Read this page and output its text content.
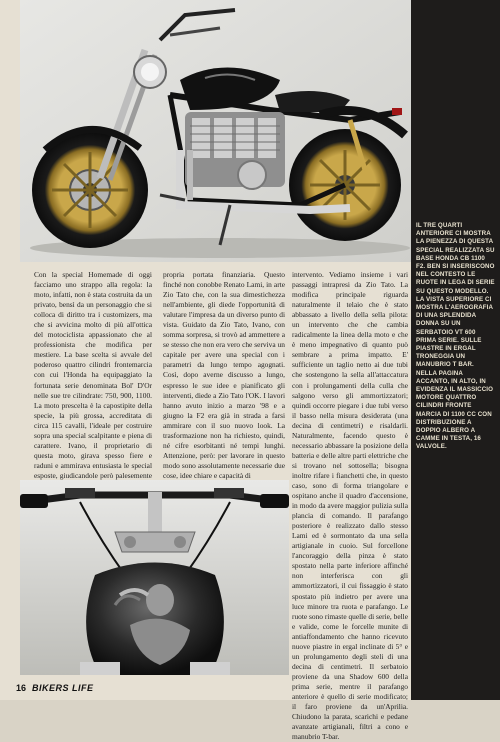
IL TRE QUARTI ANTERIORE CI MOSTRA LA PIENEZZA DI QUESTA SPECIAL REALIZZATA SU BASE HONDA CB 1100 F2. BEN SI INSERISCONO NEL CONTESTO LE RUOTE IN LEGA DI SERIE SU QUESTO MODELLO. LA VISTA SUPERIORE CI MOSTRA L'AEROGRAFIA DI UNA SPLENDIDA DONNA SU UN SERBATOIO VT 600 PRIMA SERIE. SULLE PIASTRE IN ERGAL TRONEGGIA UN MANUBRIO T BAR. NELLA PAGINA ACCANTO, IN ALTO, IN EVIDENZA IL MASSICCIO MOTORE QUATTRO CILINDRI FRONTE MARCIA DI 1100 CC CON DISTRIBUZIONE A DOPPIO ALBERO A CAMME IN TESTA, 16 VALVOLE.
Con la special Homemade di oggi facciamo uno strappo alla regola: la moto, infatti, non è stata costruita da un privato, bensì da un personaggio che si colloca di diritto tra i customizers, ma che si avvicina molto di più all'ottica del motociclista appassionato che al professionista che modifica per mestiere. La base scelta si avvale del poderoso quattro cilindri frontemarcia con cui l'Honda ha equipaggiato la fortunata serie denominata Bol' D'Or nelle sue tre cilindrate: 750, 900, 1100. La moto prescelta è la capostipite della specie, la più grossa, accreditata di circa 115 cavalli, l'ideale per costruire sopra una special scalpitante e piena di carattere. Ivano, il proprietario di questa moto, girava spesso fiere e raduni e ammirava entusiasta le special esposte, giudicandole però palesemente
propria portata finanziaria. Questo finché non conobbe Renato Lami, in arte Zio Tato che, con la sua dimestichezza nell'ambiente, gli diede l'opportunità di valutare l'impresa da un diverso punto di vista. Guidato da Zio Tato, Ivano, con somma sorpresa, si trovò ad ammettere a se stesso che non era vero che serviva un capitale per avere una special con i parametri da lungo tempo agognati. Così, dopo averne discusso a lungo, espresso le sue idee e pianificato gli interventi, diede a Zio Tato l'OK. I lavori hanno avuto inizio a marzo '98 e a giugno la F2 era già in strada a farsi ammirare con il suo nuovo look. La trasformazione non ha richiesto, quindi, né cifre esorbitanti né tempi lunghi. Attenzione, però: per lavorare in questo modo sono assolutamente necessarie due cose, idee chiare e capacità di
intervento. Vediamo insieme i vari passaggi intrapresi da Zio Tato. La modifica principale riguarda naturalmente il telaio che è stato abbassato a livello della sella pilota: un intervento che che cambia radicalmente la linea della moto e che è meno impegnativo di quanto può sembrare a prima impatto. E' sufficiente un taglio netto ai due tubi che sostengono la sella all'attaccatura con i prolungamenti della culla che salgono verso gli ammortizzatori; quindi occorre piegare i due tubi verso il basso nella misura desiderata (una decina di centimetri) e risaldarli. Naturalmente, facendo questo è necessario abbassare la posizione della batteria e delle altre parti elettriche che si trovano nel sottosella; bisogna inoltre rifare i fianchetti che, in questo caso, sono di forma triangolare e ospitano anche il quadro d'accensione, in modo da avere maggior pulizia sulla plancia di comando. Il parafango posteriore è realizzato dallo stesso Lami ed è sormontato da una sella artigianale in cuoio. Sul forcellone l'ancoraggio della pinza è stato spostato nella parte inferiore affinché non interferisca con gli ammortizzatori, il cui fissaggio è stato spostato più indietro per avere una luce minore tra ruota e parafango. Le ruote sono rimaste quelle di serie, belle e valide, come le forcelle munite di antiaffondamento che hanno ricevuto nuove piastre in ergal inclinate di 5° e un prolungamento degli steli di una decina di centimetri. Il serbatoio proviene da una Shadow 600 della prima serie, mentre il parafango anteriore è quello di serie modificato; il faro proviene da un'Aprilia. Chiudono la parata, scarichi e pedane avanzate artigianali, filtri a cono e manubrio T-bar.
16 BIKERS LIFE
